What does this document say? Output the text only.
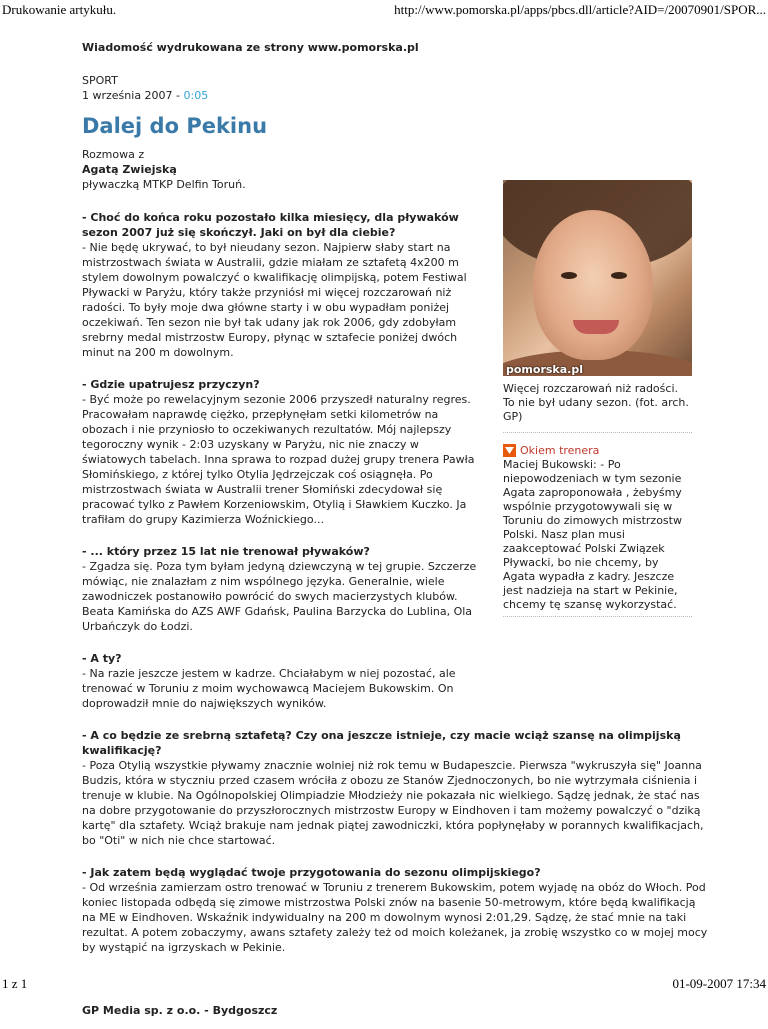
Drukowanie artykułu.	http://www.pomorska.pl/apps/pbcs.dll/article?AID=/20070901/SPOR...

Wiadomość wydrukowana ze strony www.pomorska.pl

SPORT

1 września 2007 - 0:05

Dalej do Pekinu

Rozmowa z
Agatą Zwiejską
pływaczką MTKP Delfin Toruń.

- Choć do końca roku pozostało kilka miesięcy, dla pływaków sezon 2007 już się skończył. Jaki on był dla ciebie?
- Nie będę ukrywać, to był nieudany sezon. Najpierw słaby start na mistrzostwach świata w Australii, gdzie miałam ze sztafetą 4x200 m stylem dowolnym powalczyć o kwalifikację olimpijską, potem Festiwal Pływacki w Paryżu, który także przyniósł mi więcej rozczarowań niż radości. To były moje dwa główne starty i w obu wypadłam poniżej oczekiwań. Ten sezon nie był tak udany jak rok 2006, gdy zdobyłam srebrny medal mistrzostw Europy, płynąc w sztafecie poniżej dwóch minut na 200 m dowolnym.
- Gdzie upatrujesz przyczyn?
- Być może po rewelacyjnym sezonie 2006 przyszedł naturalny regres. Pracowałam naprawdę ciężko, przepłynęłam setki kilometrów na obozach i nie przyniosło to oczekiwanych rezultatów. Mój najlepszy tegoroczny wynik - 2:03 uzyskany w Paryżu, nic nie znaczy w światowych tabelach. Inna sprawa to rozpad dużej grupy trenera Pawła Słomińskiego, z której tylko Otylia Jędrzejczak coś osiągnęła. Po mistrzostwach świata w Australii trener Słomiński zdecydował się pracować tylko z Pawłem Korzeniowskim, Otylią i Sławkiem Kuczko. Ja trafiłam do grupy Kazimierza Woźnickiego...
- ... który przez 15 lat nie trenował pływaków?
- Zgadza się. Poza tym byłam jedyną dziewczyną w tej grupie. Szczerze mówiąc, nie znalazłam z nim wspólnego języka. Generalnie, wiele zawodniczek postanowiło powrócić do swych macierzystych klubów. Beata Kamińska do AZS AWF Gdańsk, Paulina Barzycka do Lublina, Ola Urbańczyk do Łodzi.
- A ty?
- Na razie jeszcze jestem w kadrze. Chciałabym w niej pozostać, ale trenować w Toruniu z moim wychowawcą Maciejem Bukowskim. On doprowadził mnie do największych wyników.
- A co będzie ze srebrną sztafetą? Czy ona jeszcze istnieje, czy macie wciąż szansę na olimpijską kwalifikację?
- Poza Otylią wszystkie pływamy znacznie wolniej niż rok temu w Budapeszcie. Pierwsza "wykruszyła się" Joanna Budzis, która w styczniu przed czasem wróciła z obozu ze Stanów Zjednoczonych, bo nie wytrzymała ciśnienia i trenuje w klubie. Na Ogólnopolskiej Olimpiadzie Młodzieży nie pokazała nic wielkiego. Sądzę jednak, że stać nas na dobre przygotowanie do przyszłorocznych mistrzostw Europy w Eindhoven i tam możemy powalczyć o "dziką kartę" dla sztafety. Wciąż brakuje nam jednak piątej zawodniczki, która popłynęłaby w porannych kwalifikacjach, bo "Oti" w nich nie chce startować.
- Jak zatem będą wyglądać twoje przygotowania do sezonu olimpijskiego?
- Od września zamierzam ostro trenować w Toruniu z trenerem Bukowskim, potem wyjadę na obóz do Włoch. Pod koniec listopada odbędą się zimowe mistrzostwa Polski znów na basenie 50-metrowym, które będą kwalifikacją na ME w Eindhoven. Wskaźnik indywidualny na 200 m dowolnym wynosi 2:01,29. Sądzę, że stać mnie na taki rezultat. A potem zobaczymy, awans sztafety zależy też od moich koleżanek, ja zrobię wszystko co w mojej mocy by wystąpić na igrzyskach w Pekinie.

GP Media sp. z o.o. - Bydgoszcz

pomorska.pl

Więcej rozczarowań niż radości. To nie był udany sezon. (fot. arch. GP)

Okiem trenera
Maciej Bukowski: - Po niepowodzeniach w tym sezonie Agata zaproponowała , żebyśmy wspólnie przygotowywali się w Toruniu do zimowych mistrzostw Polski. Nasz plan musi zaakceptować Polski Związek Pływacki, bo nie chcemy, by Agata wypadła z kadry. Jeszcze jest nadzieja na start w Pekinie, chcemy tę szansę wykorzystać.
1 z 1	01-09-2007 17:34
